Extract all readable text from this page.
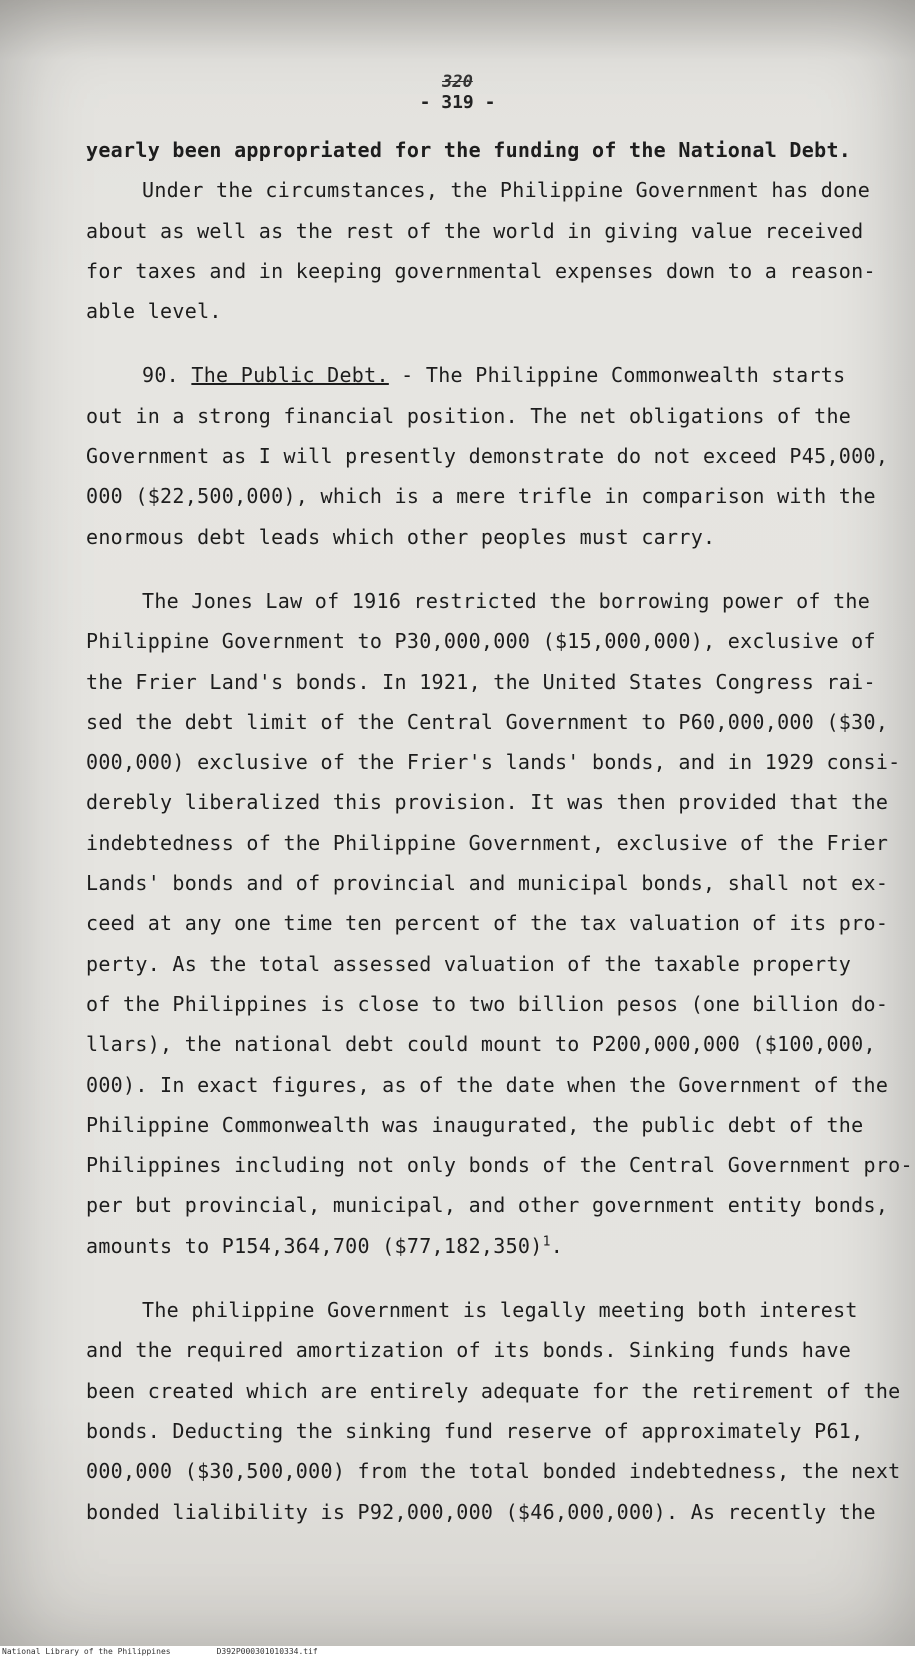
320
- 319 -

yearly been appropriated for the funding of the National Debt.

Under the circumstances, the Philippine Government has done

about as well as the rest of the world in giving value received

for taxes and in keeping governmental expenses down to a reason-

able level.

90. The Public Debt. - The Philippine Commonwealth starts

out in a strong financial position. The net obligations of the

Government as I will presently demonstrate do not exceed P45,000,

000 ($22,500,000), which is a mere trifle in comparison with the

enormous debt leads which other peoples must carry.

The Jones Law of 1916 restricted the borrowing power of the

Philippine Government to P30,000,000 ($15,000,000), exclusive of

the Frier Land's bonds. In 1921, the United States Congress rai-

sed the debt limit of the Central Government to P60,000,000 ($30,

000,000) exclusive of the Frier's lands' bonds, and in 1929 consi-

derebly liberalized this provision. It was then provided that the

indebtedness of the Philippine Government, exclusive of the Frier

Lands' bonds and of provincial and municipal bonds, shall not ex-

ceed at any one time ten percent of the tax valuation of its pro-

perty. As the total assessed valuation of the taxable property

of the Philippines is close to two billion pesos (one billion do-

llars), the national debt could mount to P200,000,000 ($100,000,

000). In exact figures, as of the date when the Government of the

Philippine Commonwealth was inaugurated, the public debt of the

Philippines including not only bonds of the Central Government pro-

per but provincial, municipal, and other government entity bonds,

amounts to P154,364,700 ($77,182,350)$^1$.

The philippine Government is legally meeting both interest

and the required amortization of its bonds. Sinking funds have

been created which are entirely adequate for the retirement of the

bonds. Deducting the sinking fund reserve of approximately P61,

000,000 ($30,500,000) from the total bonded indebtedness, the next

bonded lialibility is P92,000,000 ($46,000,000). As recently the

National Library of the Philippines	D392P000301010334.tif
